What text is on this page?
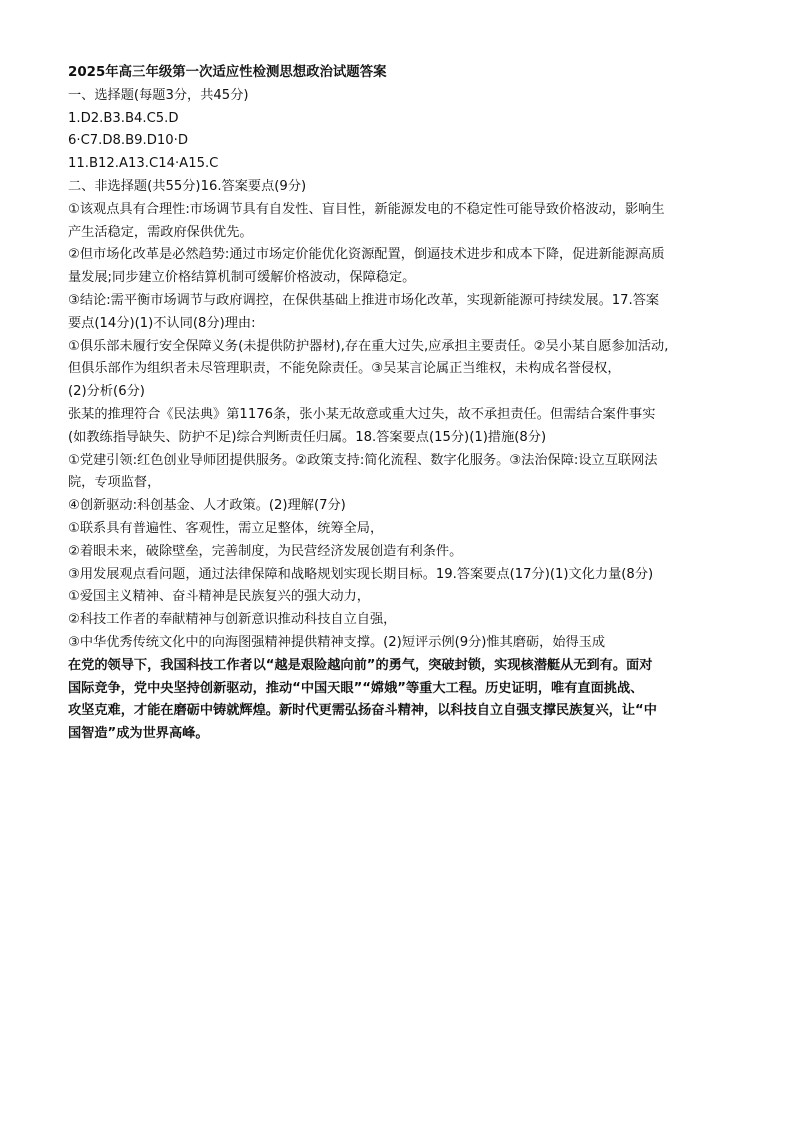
2025年高三年级第一次适应性检测思想政治试题答案
一、选择题(每题3分，共45分)
1.D2.B3.B4.C5.D
6·C7.D8.B9.D10·D
11.B12.A13.C14·A15.C
二、非选择题(共55分)16.答案要点(9分)
①该观点具有合理性:市场调节具有自发性、盲目性，新能源发电的不稳定性可能导致价格波动，影响生
产生活稳定，需政府保供优先。
②但市场化改革是必然趋势:通过市场定价能优化资源配置，倒逼技术进步和成本下降，促进新能源高质
量发展;同步建立价格结算机制可缓解价格波动，保障稳定。
③结论:需平衡市场调节与政府调控，在保供基础上推进市场化改革，实现新能源可持续发展。17.答案
要点(14分)(1)不认同(8分)理由:
①俱乐部未履行安全保障义务(未提供防护器材),存在重大过失,应承担主要责任。②吴小某自愿参加活动,
但俱乐部作为组织者未尽管理职责，不能免除责任。③吴某言论属正当维权，未构成名誉侵权，
(2)分析(6分)
张某的推理符合《民法典》第1176条，张小某无故意或重大过失，故不承担责任。但需结合案件事实
(如教练指导缺失、防护不足)综合判断责任归属。18.答案要点(15分)(1)措施(8分)
①党建引领:红色创业导师团提供服务。②政策支持:简化流程、数字化服务。③法治保障:设立互联网法
院，专项监督，
④创新驱动:科创基金、人才政策。(2)理解(7分)
①联系具有普遍性、客观性，需立足整体，统筹全局，
②着眼未来，破除壁垒，完善制度，为民营经济发展创造有利条件。
③用发展观点看问题，通过法律保障和战略规划实现长期目标。19.答案要点(17分)(1)文化力量(8分)
①爱国主义精神、奋斗精神是民族复兴的强大动力，
②科技工作者的奉献精神与创新意识推动科技自立自强，
③中华优秀传统文化中的向海图强精神提供精神支撑。(2)短评示例(9分)惟其磨砺，始得玉成
在党的领导下，我国科技工作者以“越是艰险越向前”的勇气，突破封锁，实现核潜艇从无到有。面对
国际竞争，党中央坚持创新驱动，推动“中国天眼”“嫦娥”等重大工程。历史证明，唯有直面挑战、
攻坚克难，才能在磨砺中铸就辉煌。新时代更需弘扬奋斗精神，以科技自立自强支撑民族复兴，让“中
国智造”成为世界高峰。
